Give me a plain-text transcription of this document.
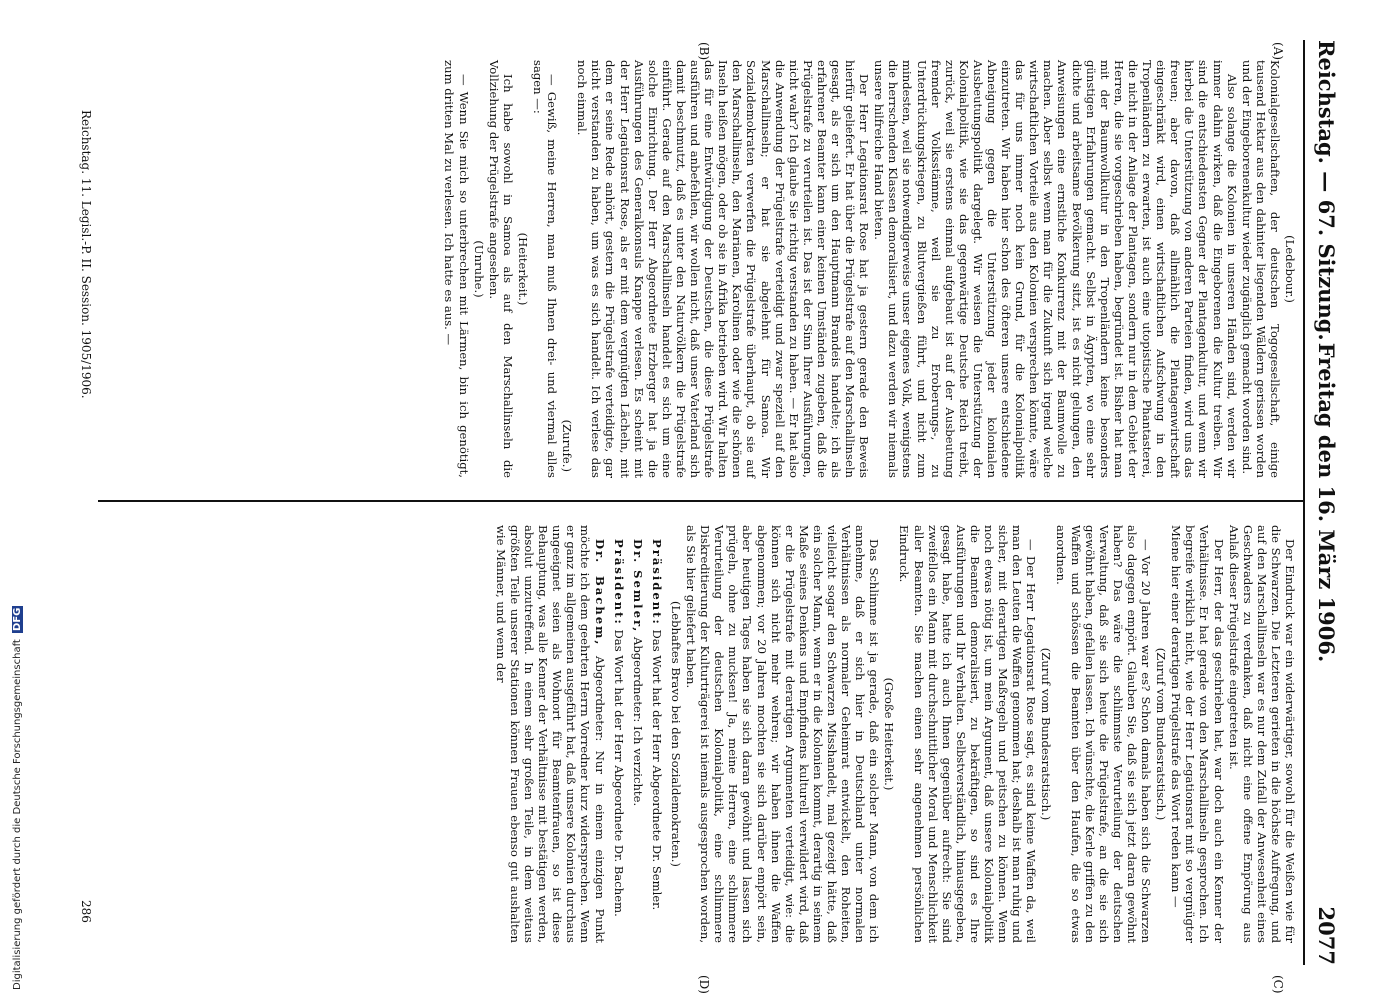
Reichstag. — 67. Sitzung.
Freitag den 16. März 1906.
2077
(A)
(B)
(C)
(D)

(Ledebour.)

Kolonialgesellschaften, der deutschen Togogesellschaft, einige tausend Hektar aus den dahinter liegenden Wäldern gerissen worden und der Eingeborenenkultur wieder zugänglich gemacht worden sind.

Also solange die Kolonien in unseren Händen sind, werden wir immer dahin wirken, daß die Eingeborenen die Kultur treiben. Wir sind die entschiedensten Gegner der Plantagenkultur, und wenn wir hierbei die Unterstützung von anderen Parteien finden, wird uns das freuen; aber davon, daß allmählich die Plantagenwirtschaft eingeschränkt wird, einen wirtschaftlichen Aufschwung in den Tropenländern zu erwarten, ist auch eine utopistische Phantasterei, die nicht in der Anlage der Plantagen, sondern nur in dem Gebiet der Herren, die sie vorgeschrieben haben, begründet ist. Bisher hat man mit der Baumwollkultur in den Tropenländern keine besonders günstigen Erfahrungen gemacht. Selbst in Ägypten, wo eine sehr dichte und arbeitsame Bevölkerung sitzt, ist es nicht gelungen, den Anweisungen eine ernstliche Konkurrenz mit der Baumwolle zu machen. Aber selbst wenn man für die Zukunft sich irgend welche wirtschaftlichen Vorteile aus den Kolonien versprechen könnte, wäre das für uns immer noch kein Grund, für die Kolonialpolitik einzutreten. Wir haben hier schon des öfteren unsere entschiedene Abneigung gegen die Unterstützung jeder kolonialen Ausbeutungspolitik dargelegt. Wir weisen die Unterstützung der Kolonialpolitik, wie sie das gegenwärtige Deutsche Reich treibt, zurück, weil sie erstens einmal aufgebaut ist auf der Ausbeutung fremder Volksstämme, weil sie zu Eroberungs-, zu Unterdrückungskriegen, zu Blutvergießen führt, und nicht zum mindesten, weil sie notwendigerweise unser eigenes Volk, wenigstens die herrschenden Klassen demoralisiert, und dazu werden wir niemals unsere hilfreiche Hand bieten.

Der Herr Legationsrat Rose hat ja gestern gerade den Beweis hierfür geliefert. Er hat über die Prügelstrafe auf den Marschallinseln gesagt, als er sich um den Hauptmann Brandeis handelte; ich als erfahrener Beamter kann einer keinen Umständen zugeben, daß die Prügelstrafe zu verurteilen ist. Das ist der Sinn Ihrer Ausführungen, nicht wahr? Ich glaube Sie richtig verstanden zu haben. — Er hat also die Anwendung der Prügelstrafe verteidigt und zwar speziell auf den Marschallinseln; er hat sie abgelehnt für Samoa. Wir Sozialdemokraten verwerfen die Prügelstrafe überhaupt, ob sie auf den Marschallinseln, den Marianen, Karolinen oder wie die schönen Inseln heißen mögen, oder ob sie in Afrika betrieben wird. Wir halten das für eine Entwürdigung der Deutschen, die diese Prügelstrafe ausführen und anbefehlen, wir wollen nicht, daß unser Vaterland sich damit beschmutzt, daß es unter den Naturvölkern die Prügelstrafe einführt. Gerade auf den Marschallinseln handelt es sich um eine solche Einrichtung. Der Herr Abgeordnete Erzberger hat ja die Ausführungen des Generalkonsuls Knappe verlesen. Es scheint mit der Herr Legationsrat Rose, als er mit dem vergnügten Lächeln, mit dem er seine Rede anhört, gestern die Prügelstrafe verteidigte, gar nicht verstanden zu haben, um was es sich handelt. Ich verlese das noch einmal.

(Zurufe.)

— Gewiß, meine Herren, man muß Ihnen drei- und viermal alles sagen —:

(Heiterkeit.)

Ich habe sowohl in Samoa als auf den Marschallinseln die Vollziehung der Prügelstrafe angesehen.

(Unruhe.)

— Wenn Sie mich so unterbrechen mit Lärmen, bin ich genötigt, zum dritten Mal zu verlesen. Ich hatte es aus. —

Der Eindruck war ein widerwärtiger, sowohl für die Weißen wie für die Schwarzen. Die Letzteren gerieten in die höchste Aufregung, und auf den Marschallinseln war es nur dem Zufall der Anwesenheit eines Geschwaders zu verdanken, daß nicht eine offene Empörung aus Anlaß dieser Prügelstrafe eingetreten ist.

Der Herr, der das geschrieben hat, war doch auch ein Kenner der Verhältnisse. Er hat gerade von den Marschallinseln gesprochen. Ich begreife wirklich nicht, wie der Herr Legationsrat mit so vergnügter Miene hier einer derartigen Prügelstrafe das Wort reden kann —

(Zuruf vom Bundesratstisch.)

— Vor 20 Jahren war es? Schon damals haben sich die Schwarzen also dagegen empört. Glauben Sie, daß sie sich jetzt daran gewöhnt haben? Das wäre die schlimmste Verurteilung der deutschen Verwaltung, daß sie sich heute die Prügelstrafe, an die sie sich gewöhnt haben, gefallen lassen. Ich wünschte, die Kerle griffen zu den Waffen und schössen die Beamten über den Haufen, die so etwas anordnen.

(Zuruf vom Bundesratstisch.)

— Der Herr Legationsrat Rose sagt, es sind keine Waffen da, weil man den Leuten die Waffen genommen hat; deshalb ist man ruhig und sicher, mit derartigen Maßregeln und peitschen zu können. Wenn noch etwas nötig ist, um mein Argument, daß unsere Kolonialpolitik die Beamten demoralisiert, zu bekräftigen, so sind es Ihre Ausführungen und Ihr Verhalten. Selbstverständlich, hinausgegeben, gesagt habe, hatte ich auch Ihnen gegenüber aufrecht: Sie sind zweifellos ein Mann mit durchschnittlicher Moral und Menschlichkeit aller Beamten. Sie machen einen sehr angenehmen persönlichen Eindruck.

(Große Heiterkeit.)

Das Schlimme ist ja gerade, daß ein solcher Mann, von dem ich annehme, daß er sich hier in Deutschland unter normalen Verhältnissen als normaler Geheimrat entwickelt, den Roheiten, vielleicht sogar den Schwarzen Misshandelt, mal gezeigt hätte, daß ein solcher Mann, wenn er in die Kolonien kommt, derartig in seinem Maße seines Denkens und Empfindens kulturell verwildert wird, daß er die Prügelstrafe mit derartigen Argumenten verteidigt, wie: die können sich nicht mehr wehren; wir haben ihnen die Waffen abgenommen; vor 20 Jahren mochten sie sich darüber empört sein, aber heutigen Tages haben sie sich daran gewöhnt und lassen sich prügeln, ohne zu mucksen! Ja, meine Herren, eine schlimmere Verurteilung der deutschen Kolonialpolitik, eine schlimmere Diskreditierung der Kulturträgerei ist niemals ausgesprochen worden, als Sie hier geliefert haben.

(Lebhaftes Bravo bei den Sozialdemokraten.)

Präsident: Das Wort hat der Herr Abgeordnete Dr. Semler.

Dr. Semler, Abgeordneter: Ich verzichte.

Präsident: Das Wort hat der Herr Abgeordnete Dr. Bachem.

Dr. Bachem, Abgeordneter: Nur in einem einzigen Punkt möchte ich dem geehrten Herrn Vorredner kurz widersprechen. Wenn er ganz im allgemeinen ausgeführt hat, daß unsere Kolonien durchaus ungeeignet seien als Wohnort für Beamtenfrauen, so ist diese Behauptung, was alle Kenner der Verhältnisse mit bestätigen werden, absolut unzutreffend. In einem sehr großen Teile, in dem weitaus größten Teile unserer Stationen können Frauen ebenso gut aushalten wie Männer, und wenn der

Reichstag. 11. Legisl.-P. II. Session. 1905/1906.
286
Digitalisierung gefördert durch die Deutsche Forschungsgemeinschaft DFG
